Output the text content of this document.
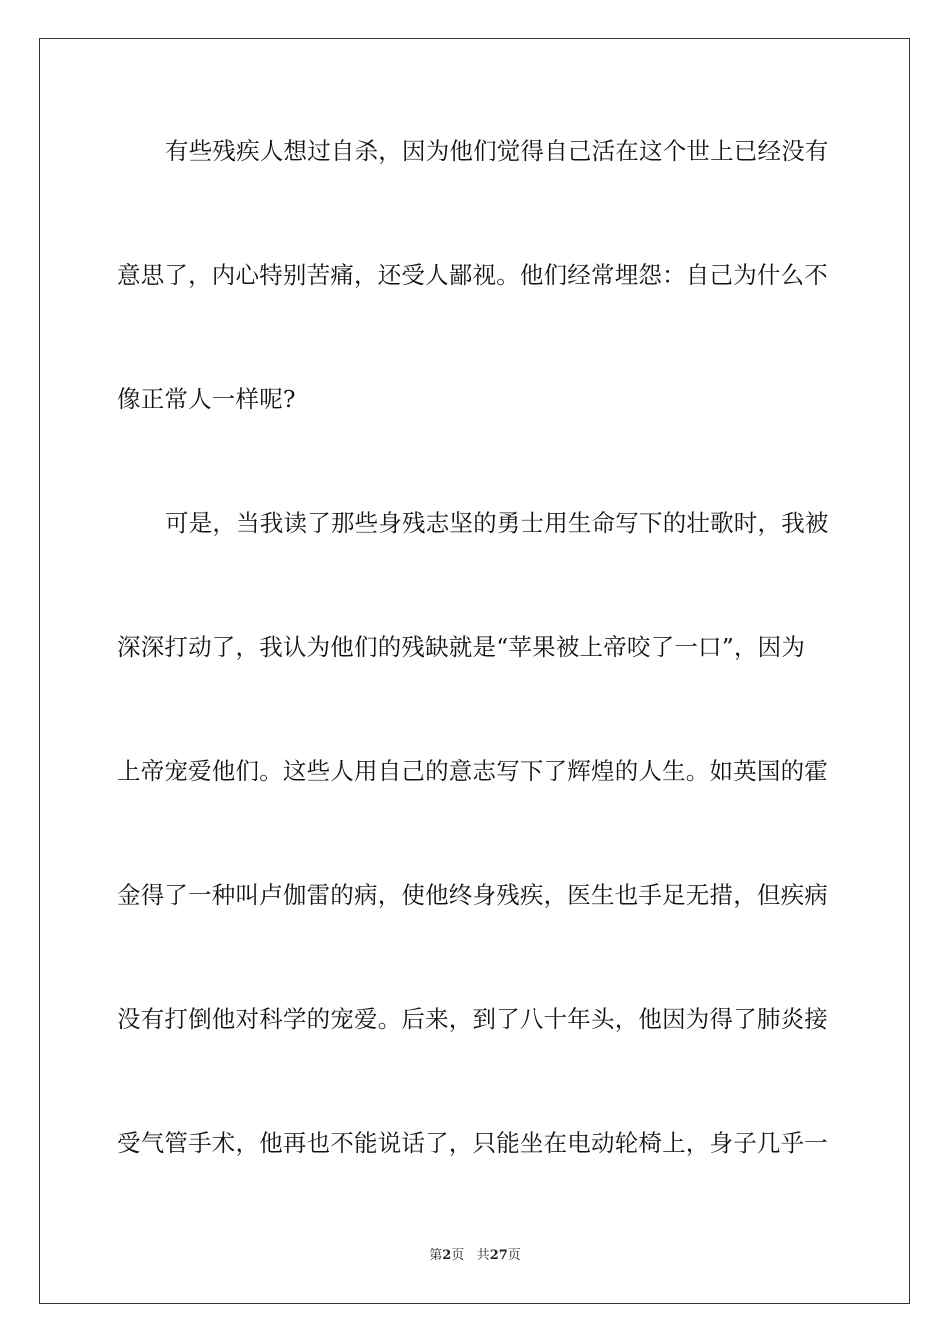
有些残疾人想过自杀，因为他们觉得自己活在这个世上已经没有
意思了，内心特别苦痛，还受人鄙视。他们经常埋怨：自己为什么不
像正常人一样呢?
可是，当我读了那些身残志坚的勇士用生命写下的壮歌时，我被
深深打动了，我认为他们的残缺就是“苹果被上帝咬了一口”，因为
上帝宠爱他们。这些人用自己的意志写下了辉煌的人生。如英国的霍
金得了一种叫卢伽雷的病，使他终身残疾，医生也手足无措，但疾病
没有打倒他对科学的宠爱。后来，到了八十年头，他因为得了肺炎接
受气管手术，他再也不能说话了，只能坐在电动轮椅上，身子几乎一
第2页 共27页
